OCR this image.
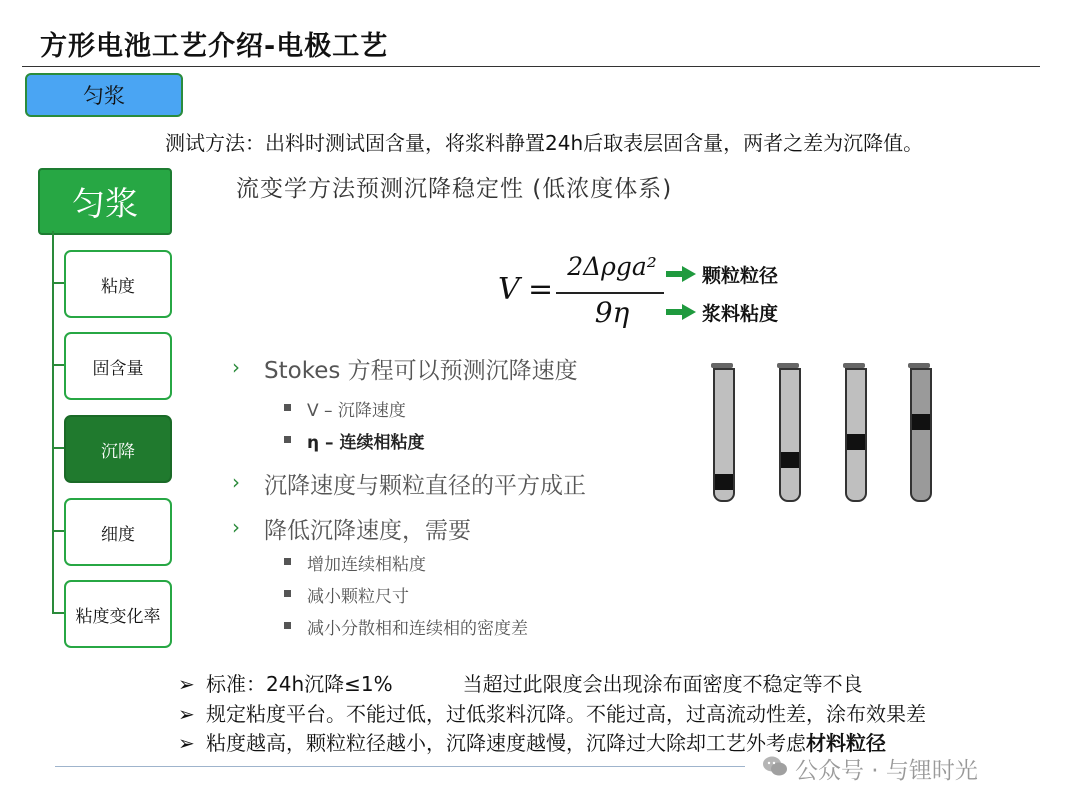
方形电池工艺介绍-电极工艺
匀浆
测试方法：出料时测试固含量，将浆料静置24h后取表层固含量，两者之差为沉降值。
匀浆
粘度
固含量
沉降
细度
粘度变化率
流变学方法预测沉降稳定性 (低浓度体系)
V =
2Δρga²
9η
颗粒粒径
浆料粘度
› Stokes 方程可以预测沉降速度
V – 沉降速度
η – 连续相粘度
› 沉降速度与颗粒直径的平方成正
› 降低沉降速度，需要
增加连续相粘度
减小颗粒尺寸
减小分散相和连续相的密度差
➢ 标准：24h沉降≤1%	当超过此限度会出现涂布面密度不稳定等不良
➢ 规定粘度平台。不能过低，过低浆料沉降。不能过高，过高流动性差，涂布效果差
➢ 粘度越高，颗粒粒径越小，沉降速度越慢，沉降过大除却工艺外考虑材料粒径
公众号 · 与锂时光
